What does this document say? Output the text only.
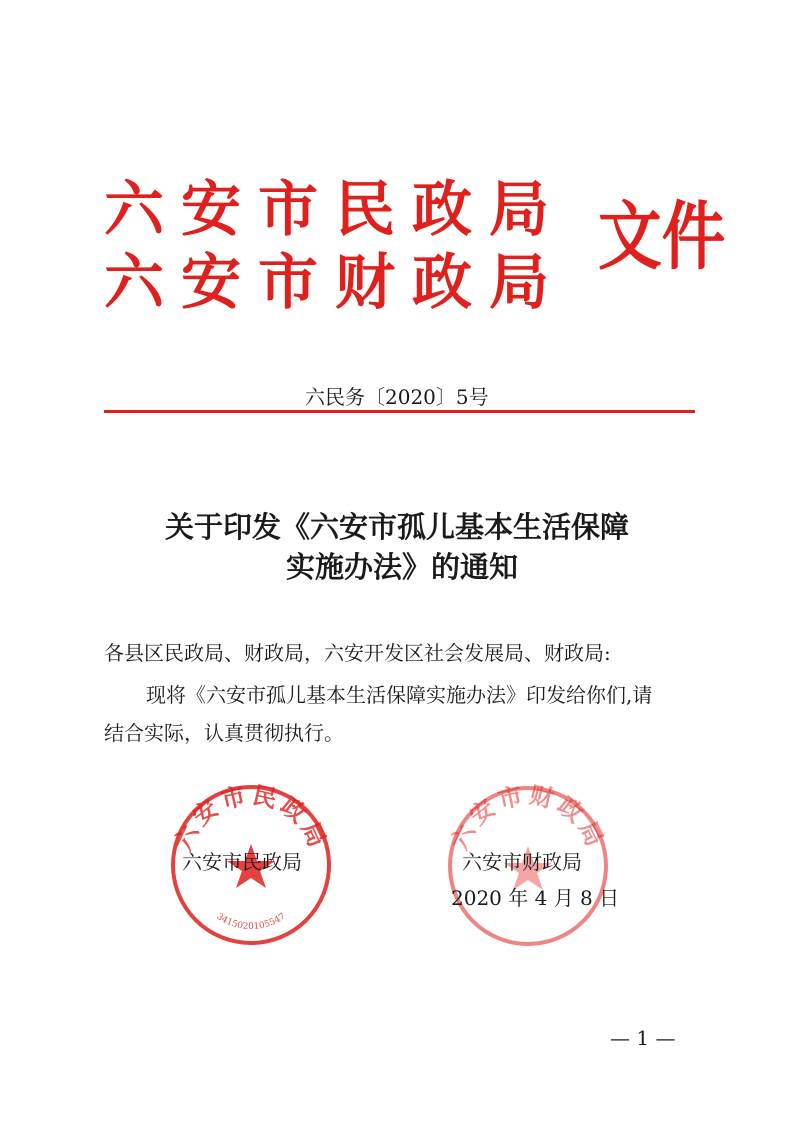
六安市民政局
六安市财政局
文件
六民务〔2020〕5号
关于印发《六安市孤儿基本生活保障
实施办法》的通知
各县区民政局、财政局，六安开发区社会发展局、财政局:
现将《六安市孤儿基本生活保障实施办法》印发给你们,请
结合实际，认真贯彻执行。
六安市民政局
3415020105547
六安市财政局
六安市民政局	六安市财政局
2020 年 4 月 8 日
— 1 —
